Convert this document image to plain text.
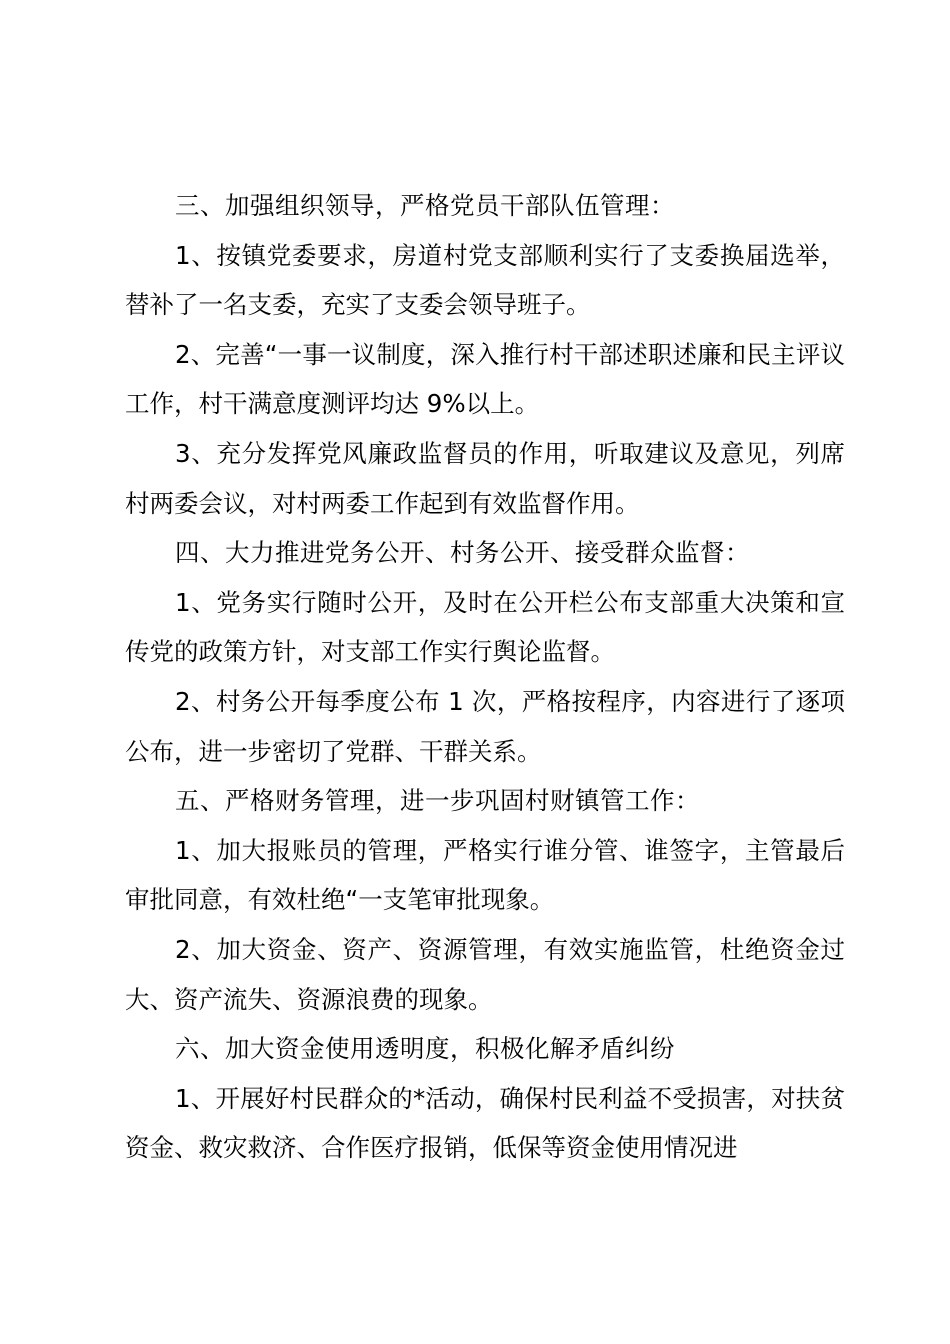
三、加强组织领导，严格党员干部队伍管理：

1、按镇党委要求，房道村党支部顺利实行了支委换届选举，替补了一名支委，充实了支委会领导班子。

2、完善“一事一议制度，深入推行村干部述职述廉和民主评议工作，村干满意度测评均达 9%以上。

3、充分发挥党风廉政监督员的作用，听取建议及意见，列席村两委会议，对村两委工作起到有效监督作用。

四、大力推进党务公开、村务公开、接受群众监督：

1、党务实行随时公开，及时在公开栏公布支部重大决策和宣传党的政策方针，对支部工作实行舆论监督。

2、村务公开每季度公布 1 次，严格按程序，内容进行了逐项公布，进一步密切了党群、干群关系。

五、严格财务管理，进一步巩固村财镇管工作：

1、加大报账员的管理，严格实行谁分管、谁签字，主管最后审批同意，有效杜绝“一支笔审批现象。

2、加大资金、资产、资源管理，有效实施监管，杜绝资金过大、资产流失、资源浪费的现象。

六、加大资金使用透明度，积极化解矛盾纠纷

1、开展好村民群众的*活动，确保村民利益不受损害，对扶贫资金、救灾救济、合作医疗报销，低保等资金使用情况进
